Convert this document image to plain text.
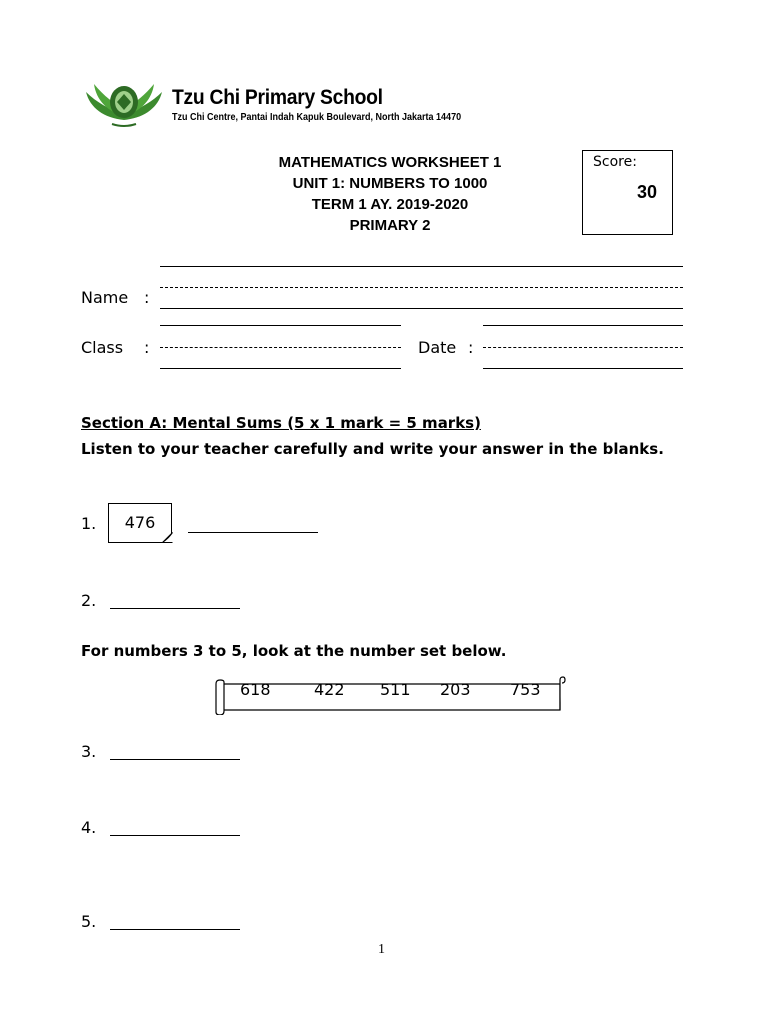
Tzu Chi Primary School
Tzu Chi Centre, Pantai Indah Kapuk Boulevard, North Jakarta 14470
MATHEMATICS WORKSHEET 1
UNIT 1: NUMBERS TO 1000
TERM 1 AY. 2019-2020
PRIMARY 2
Score:
30
Name :
Class :	Date :
Section A: Mental Sums (5 x 1 mark = 5 marks)
Listen to your teacher carefully and write your answer in the blanks.
1.	476
2.
For numbers 3 to 5, look at the number set below.
618	422 511 203 753
3.
4.
5.
1
